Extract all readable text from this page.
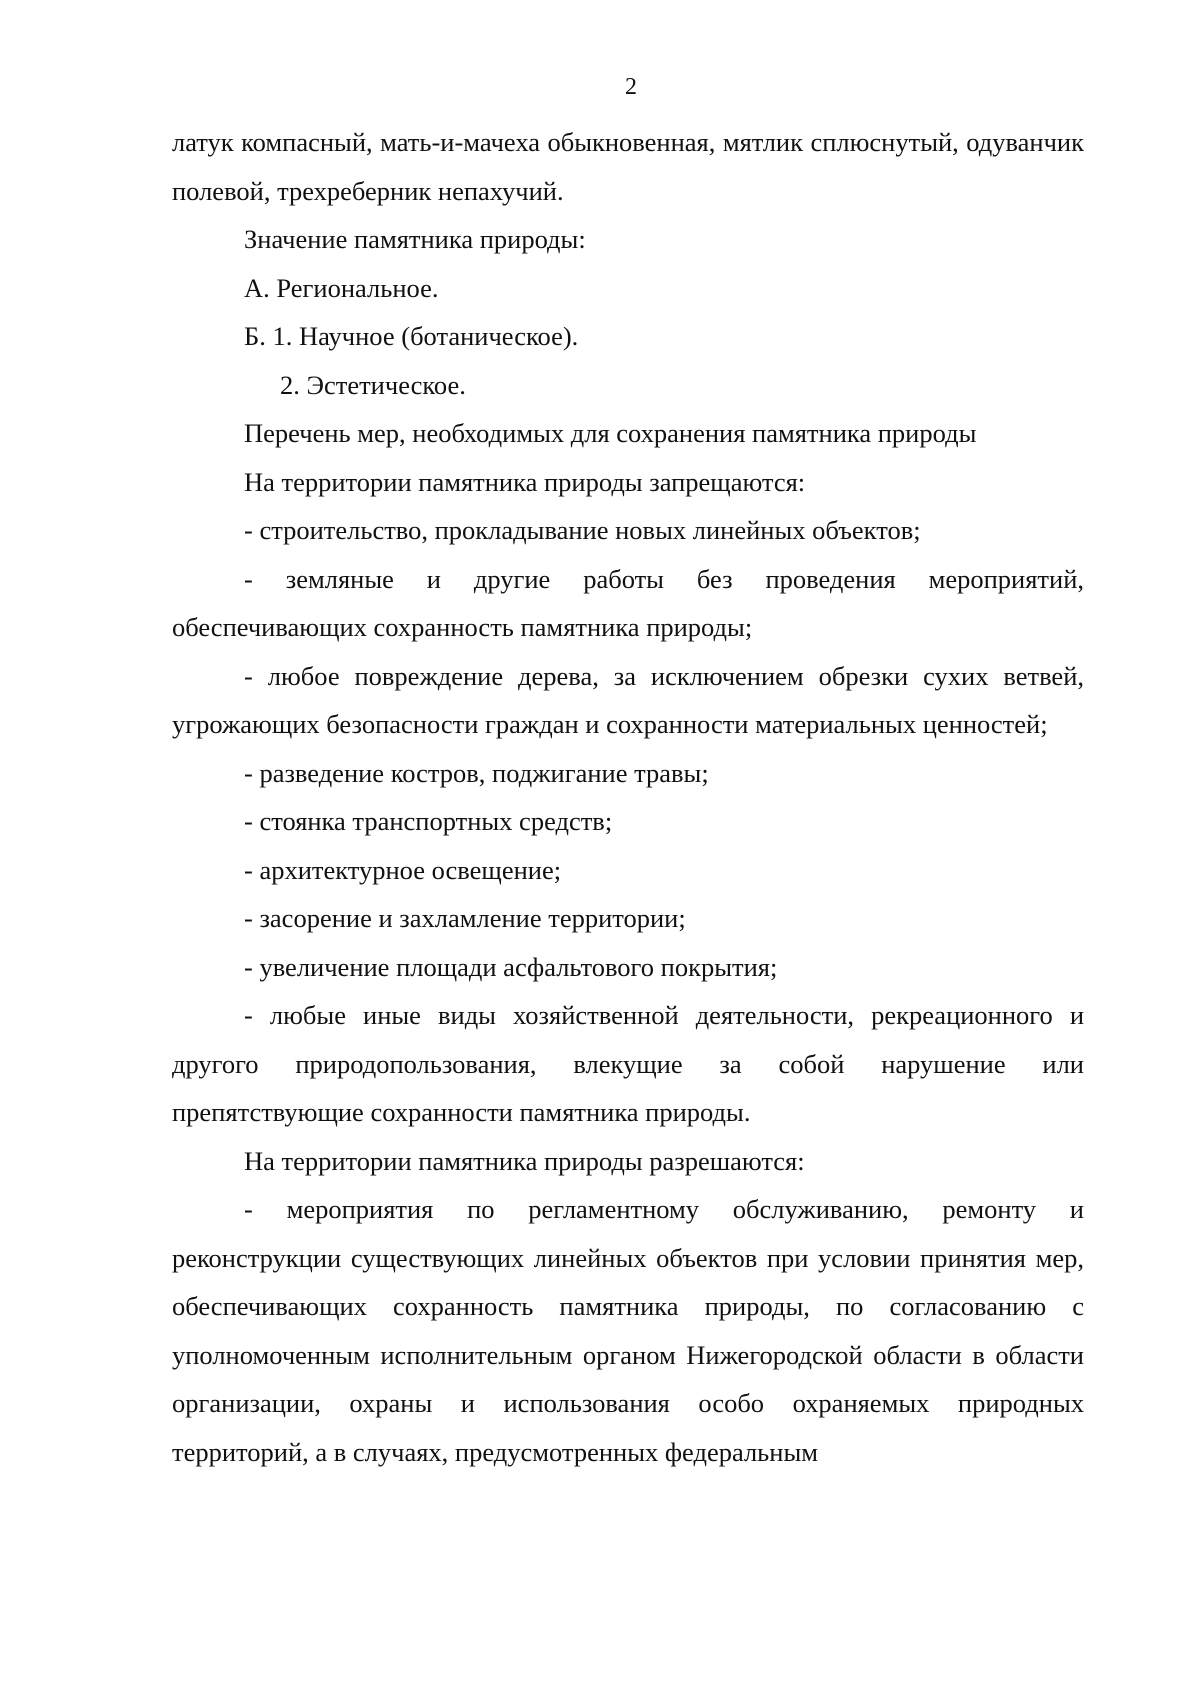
2

латук компасный, мать-и-мачеха обыкновенная, мятлик сплюснутый, одуванчик полевой, трехреберник непахучий.

Значение памятника природы:

А. Региональное.

Б. 1. Научное (ботаническое).

2. Эстетическое.

Перечень мер, необходимых для сохранения памятника природы

На территории памятника природы запрещаются:

- строительство, прокладывание новых линейных объектов;

- земляные и другие работы без проведения мероприятий, обеспечивающих сохранность памятника природы;

- любое повреждение дерева, за исключением обрезки сухих ветвей, угрожающих безопасности граждан и сохранности материальных ценностей;

- разведение костров, поджигание травы;

- стоянка транспортных средств;

- архитектурное освещение;

- засорение и захламление территории;

- увеличение площади асфальтового покрытия;

- любые иные виды хозяйственной деятельности, рекреационного и другого природопользования, влекущие за собой нарушение или препятствующие сохранности памятника природы.

На территории памятника природы разрешаются:

- мероприятия по регламентному обслуживанию, ремонту и реконструкции существующих линейных объектов при условии принятия мер, обеспечивающих сохранность памятника природы, по согласованию с уполномоченным исполнительным органом Нижегородской области в области организации, охраны и использования особо охраняемых природных территорий, а в случаях, предусмотренных федеральным
